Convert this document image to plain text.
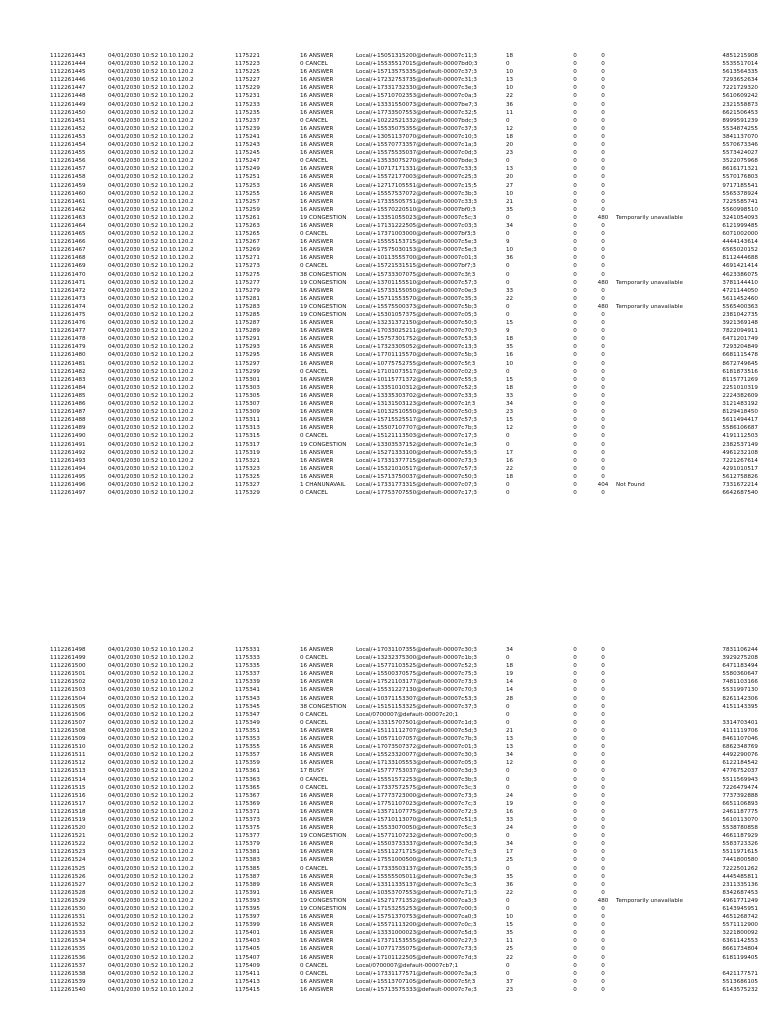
1112261443	04/01/2030 10:52 10.10.120.2	1175221	16 ANSWER	Local/+15051315200@default-00007c11;3	18	0	0		4851215908
1112261444	04/01/2030 10:52 10.10.120.2	1175223	0 CANCEL	Local/+15535517015@default-00007bd0;3	0	0	0		5535517014
1112261445	04/01/2030 10:52 10.10.120.2	1175225	16 ANSWER	Local/+15713575335@default-00007c37;3	10	0	0		5613564335
1112261446	04/01/2030 10:52 10.10.120.2	1175227	16 ANSWER	Local/+17232753735@default-00007c31;3	13	0	0		7293652634
1112261447	04/01/2030 10:52 10.10.120.2	1175229	16 ANSWER	Local/+17331732330@default-00007c3e;3	10	0	0		7221729320
1112261448	04/01/2030 10:52 10.10.120.2	1175231	16 ANSWER	Local/+15710702353@default-00007c0a;3	22	0	0		5610609242
1112261449	04/01/2030 10:52 10.10.120.2	1175233	16 ANSWER	Local/+13331550073@default-00007be7;3	36	0	0		2321558873
1112261450	04/01/2030 10:52 10.10.120.2	1175235	16 ANSWER	Local/+17733507553@default-00007c32;5	11	0	0		6621506453
1112261451	04/01/2030 10:52 10.10.120.2	1175237	0 CANCEL	Local/+10222521332@default-00007bdc;3	0	0	0		8999591239
1112261452	04/01/2030 10:52 10.10.120.2	1175239	16 ANSWER	Local/+15535075355@default-00007c37;3	12	0	0		5534874255
1112261453	04/01/2030 10:52 10.10.120.2	1175241	16 ANSWER	Local/+13051137070@default-00007c10;3	18	0	0		3841137070
1112261454	04/01/2030 10:52 10.10.120.2	1175243	16 ANSWER	Local/+15570773357@default-00007c1a;3	20	0	0		5570673346
1112261455	04/01/2030 10:52 10.10.120.2	1175245	16 ANSWER	Local/+15575535037@default-00007c0d;3	23	0	0		5573424027
1112261456	04/01/2030 10:52 10.10.120.2	1175247	0 CANCEL	Local/+13533075270@default-00007bde;3	0	0	0		3522075968
1112261457	04/01/2030 10:52 10.10.120.2	1175249	16 ANSWER	Local/+10717171331@default-00007c33;3	13	0	0		8616171321
1112261458	04/01/2030 10:52 10.10.120.2	1175251	16 ANSWER	Local/+15572177003@default-00007c25;3	20	0	0		5570176803
1112261459	04/01/2030 10:52 10.10.120.2	1175253	16 ANSWER	Local/+12717105551@default-00007c15;5	27	0	0		9717185541
1112261460	04/01/2030 10:52 10.10.120.2	1175255	16 ANSWER	Local/+15557537072@default-00007c3b;3	10	0	0		5565378924
1112261461	04/01/2030 10:52 10.10.120.2	1175257	16 ANSWER	Local/+17335505751@default-00007c33;3	21	0	0		7225585741
1112261462	04/01/2030 10:52 10.10.120.2	1175259	16 ANSWER	Local/+15570220510@default-00007bf0;3	35	0	0		5560998510
1112261463	04/01/2030 10:52 10.10.120.2	1175261	19 CONGESTION	Local/+13351055023@default-00007c5c;3	0	0	480	Temporarily unavailable	3241054093
1112261464	04/01/2030 10:52 10.10.120.2	1175263	16 ANSWER	Local/+17131222505@default-00007c03;3	34	0	0		6121999485
1112261465	04/01/2030 10:52 10.10.120.2	1175265	0 CANCEL	Local/+17371003000@default-00007bf3;3	0	0	0		6071002000
1112261466	04/01/2030 10:52 10.10.120.2	1175267	16 ANSWER	Local/+15555153715@default-00007c5e;3	9	0	0		4444143614
1112261467	04/01/2030 10:52 10.10.120.2	1175269	16 ANSWER	Local/+17575030153@default-00007c5e;3	10	0	0		6565020152
1112261468	04/01/2030 10:52 10.10.120.2	1175271	16 ANSWER	Local/+10113555700@default-00007c01;3	36	0	0		8112444688
1112261469	04/01/2030 10:52 10.10.120.2	1175273	0 CANCEL	Local/+15721531515@default-00007bf7;3	0	0	0		4691421414
1112261470	04/01/2030 10:52 10.10.120.2	1175275	38 CONGESTION	Local/+15733307075@default-00007c3f;3	0	0	0		4623386075
1112261471	04/01/2030 10:52 10.10.120.2	1175277	19 CONGESTION	Local/+13701155510@default-00007c57;3	0	0	480	Temporarily unavailable	3781144410
1112261472	04/01/2030 10:52 10.10.120.2	1175279	16 ANSWER	Local/+15733155050@default-00007c0e;3	33	0	0		4721144050
1112261473	04/01/2030 10:52 10.10.120.2	1175281	16 ANSWER	Local/+15711553570@default-00007c35;3	22	0	0		5611452460
1112261474	04/01/2030 10:52 10.10.120.2	1175283	19 CONGESTION	Local/+15575500373@default-00007c5b;3	0	0	480	Temporarily unavailable	5565400363
1112261475	04/01/2030 10:52 10.10.120.2	1175285	19 CONGESTION	Local/+15301057375@default-00007c05;3	0	0	0		2381042735
1112261476	04/01/2030 10:52 10.10.120.2	1175287	16 ANSWER	Local/+13231372150@default-00007c50;3	15	0	0		3921369148
1112261477	04/01/2030 10:52 10.10.120.2	1175289	16 ANSWER	Local/+17033025211@default-00007c70;3	9	0	0		7822094911
1112261478	04/01/2030 10:52 10.10.120.2	1175291	16 ANSWER	Local/+15757301752@default-00007c53;3	18	0	0		6471201749
1112261479	04/01/2030 10:52 10.10.120.2	1175293	16 ANSWER	Local/+17323305052@default-00007c13;3	35	0	0		7293204849
1112261480	04/01/2030 10:52 10.10.120.2	1175295	16 ANSWER	Local/+17701115570@default-00007c5b;3	16	0	0		6681115478
1112261481	04/01/2030 10:52 10.10.120.2	1175297	16 ANSWER	Local/+10775752755@default-00007c5f;3	10	0	0		8672749645
1112261482	04/01/2030 10:52 10.10.120.2	1175299	0 CANCEL	Local/+17101073517@default-00007c02;3	0	0	0		6181873516
1112261483	04/01/2030 10:52 10.10.120.2	1175301	16 ANSWER	Local/+10115771372@default-00007c55;3	15	0	0		8115771269
1112261484	04/01/2030 10:52 10.10.120.2	1175303	16 ANSWER	Local/+13351010312@default-00007c52;3	18	0	0		2251010319
1112261485	04/01/2030 10:52 10.10.120.2	1175305	16 ANSWER	Local/+13335303702@default-00007c33;3	33	0	0		2224382609
1112261486	04/01/2030 10:52 10.10.120.2	1175307	16 ANSWER	Local/+13131503123@default-00007c1f;3	34	0	0		3121483192
1112261487	04/01/2030 10:52 10.10.120.2	1175309	16 ANSWER	Local/+10132510550@default-00007c50;3	23	0	0		8129418450
1112261488	04/01/2030 10:52 10.10.120.2	1175311	16 ANSWER	Local/+15715525517@default-00007c57;3	15	0	0		5611494417
1112261489	04/01/2030 10:52 10.10.120.2	1175313	16 ANSWER	Local/+15507107707@default-00007c7b;3	12	0	0		5586106687
1112261490	04/01/2030 10:52 10.10.120.2	1175315	0 CANCEL	Local/+15121113503@default-00007c17;3	0	0	0		4191112503
1112261491	04/01/2030 10:52 10.10.120.2	1175317	19 CONGESTION	Local/+13303537152@default-00007c1e;3	0	0	0		2382537149
1112261492	04/01/2030 10:52 10.10.120.2	1175319	16 ANSWER	Local/+15271333100@default-00007c55;3	17	0	0		4961232108
1112261493	04/01/2030 10:52 10.10.120.2	1175321	16 ANSWER	Local/+17331377715@default-00007c73;3	16	0	0		7221267614
1112261494	04/01/2030 10:52 10.10.120.2	1175323	16 ANSWER	Local/+15321010517@default-00007c57;3	22	0	0		4291010517
1112261495	04/01/2030 10:52 10.10.120.2	1175325	16 ANSWER	Local/+15713750037@default-00007c50;3	18	0	0		5612758826
1112261496	04/01/2030 10:52 10.10.120.2	1175327	1 CHANUNAVAIL	Local/+17331773315@default-00007c07;3	0	0	404	Not Found	7331672214
1112261497	04/01/2030 10:52 10.10.120.2	1175329	0 CANCEL	Local/+17753707550@default-00007c17;3	0	0	0		6642687540
1112261498	04/01/2030 10:52 10.10.120.2	1175331	16 ANSWER	Local/+17031107355@default-00007c30;3	34	0	0		7831106244
1112261499	04/01/2030 10:52 10.10.120.2	1175333	0 CANCEL	Local/+13232375300@default-00007c1b;3	0	0	0		3929275208
1112261500	04/01/2030 10:52 10.10.120.2	1175335	16 ANSWER	Local/+15771103525@default-00007c52;3	18	0	0		6471183494
1112261501	04/01/2030 10:52 10.10.120.2	1175337	16 ANSWER	Local/+15500370575@default-00007c75;3	19	0	0		5580360647
1112261502	04/01/2030 10:52 10.10.120.2	1175339	16 ANSWER	Local/+17521103177@default-00007c73;3	14	0	0		7481103166
1112261503	04/01/2030 10:52 10.10.120.2	1175341	16 ANSWER	Local/+15531227130@default-00007c70;3	14	0	0		5531997130
1112261504	04/01/2030 10:52 10.10.120.2	1175343	16 ANSWER	Local/+10371153307@default-00007c53;3	28	0	0		8261142306
1112261505	04/01/2030 10:52 10.10.120.2	1175345	38 CONGESTION	Local/+15151153325@default-00007c37;3	0	0	0		4151143395
1112261506	04/01/2030 10:52 10.10.120.2	1175347	0 CANCEL	Local/0700007@default-00007c20;1	0	0	0		
1112261507	04/01/2030 10:52 10.10.120.2	1175349	0 CANCEL	Local/+13315707501@default-00007c1d;3	0	0	0		3314703401
1112261508	04/01/2030 10:52 10.10.120.2	1175351	16 ANSWER	Local/+15111112707@default-00007c5d;3	21	0	0		4111119706
1112261509	04/01/2030 10:52 10.10.120.2	1175353	16 ANSWER	Local/+10571107057@default-00007c7b;3	13	0	0		8461107046
1112261510	04/01/2030 10:52 10.10.120.2	1175355	16 ANSWER	Local/+17073507372@default-00007c01;3	13	0	0		6862348769
1112261511	04/01/2030 10:52 10.10.120.2	1175357	16 ANSWER	Local/+15523320077@default-00007c30;3	34	0	0		4492290076
1112261512	04/01/2030 10:52 10.10.120.2	1175359	16 ANSWER	Local/+17133105553@default-00007c05;3	12	0	0		6122184542
1112261513	04/01/2030 10:52 10.10.120.2	1175361	17 BUSY	Local/+15777753037@default-00007c3d;3	0	0	0		4776752037
1112261514	04/01/2030 10:52 10.10.120.2	1175363	0 CANCEL	Local/+15551572253@default-00007c3b;3	0	0	0		5511569943
1112261515	04/01/2030 10:52 10.10.120.2	1175365	0 CANCEL	Local/+17337572575@default-00007c3c;3	0	0	0		7226479474
1112261516	04/01/2030 10:52 10.10.120.2	1175367	16 ANSWER	Local/+17773723000@default-00007c73;3	24	0	0		7737392888
1112261517	04/01/2030 10:52 10.10.120.2	1175369	16 ANSWER	Local/+17751107023@default-00007c7c;3	19	0	0		6651106893
1112261518	04/01/2030 10:52 10.10.120.2	1175371	16 ANSWER	Local/+13571107775@default-00007c72;3	16	0	0		2461187775
1112261519	04/01/2030 10:52 10.10.120.2	1175373	16 ANSWER	Local/+15710113070@default-00007c51;3	33	0	0		5610113070
1112261520	04/01/2030 10:52 10.10.120.2	1175375	16 ANSWER	Local/+15533070050@default-00007c5c;3	24	0	0		5538780858
1112261521	04/01/2030 10:52 10.10.120.2	1175377	19 CONGESTION	Local/+15771107232@default-00007c00;3	0	0	0		4661187929
1112261522	04/01/2030 10:52 10.10.120.2	1175379	16 ANSWER	Local/+15503733337@default-00007c3d;3	34	0	0		5583723326
1112261523	04/01/2030 10:52 10.10.120.2	1175381	16 ANSWER	Local/+15511271715@default-00007c7c;3	17	0	0		5511971615
1112261524	04/01/2030 10:52 10.10.120.2	1175383	16 ANSWER	Local/+17551000500@default-00007c71;3	25	0	0		7441800580
1112261525	04/01/2030 10:52 10.10.120.2	1175385	0 CANCEL	Local/+17333503137@default-00007c35;3	0	0	0		7222501262
1112261526	04/01/2030 10:52 10.10.120.2	1175387	16 ANSWER	Local/+15555505011@default-00007c3e;3	35	0	0		4445485811
1112261527	04/01/2030 10:52 10.10.120.2	1175389	16 ANSWER	Local/+13311335137@default-00007c3c;3	36	0	0		2311335136
1112261528	04/01/2030 10:52 10.10.120.2	1175391	16 ANSWER	Local/+10353707553@default-00007c71;3	22	0	0		8342687453
1112261529	04/01/2030 10:52 10.10.120.2	1175393	19 CONGESTION	Local/+15271771352@default-00007ca3;3	0	0	480	Temporarily unavailable	4961771249
1112261530	04/01/2030 10:52 10.10.120.2	1175395	19 CONGESTION	Local/+17153255253@default-00007c00;3	0	0	0		6143945951
1112261531	04/01/2030 10:52 10.10.120.2	1175397	16 ANSWER	Local/+15751370753@default-00007ca0;3	10	0	0		4651268742
1112261532	04/01/2030 10:52 10.10.120.2	1175399	16 ANSWER	Local/+15571113200@default-00007c0c;3	15	0	0		5571112900
1112261533	04/01/2030 10:52 10.10.120.2	1175401	16 ANSWER	Local/+13331000023@default-00007c5d;3	35	0	0		3221800092
1112261534	04/01/2030 10:52 10.10.120.2	1175403	16 ANSWER	Local/+17371153555@default-00007c27;3	11	0	0		6361142553
1112261535	04/01/2030 10:52 10.10.120.2	1175405	16 ANSWER	Local/+10771735075@default-00007c73;3	25	0	0		8661734804
1112261536	04/01/2030 10:52 10.10.120.2	1175407	16 ANSWER	Local/+17101122505@default-00007c7d;3	22	0	0		6181199405
1112261537	04/01/2030 10:52 10.10.120.2	1175409	0 CANCEL	Local/0700007@default-00007cb7;1	0	0	0		
1112261538	04/01/2030 10:52 10.10.120.2	1175411	0 CANCEL	Local/+17331177571@default-00007c3a;3	0	0	0		6421177571
1112261539	04/01/2030 10:52 10.10.120.2	1175413	16 ANSWER	Local/+15513707105@default-00007c5f;3	37	0	0		5513686105
1112261540	04/01/2030 10:52 10.10.120.2	1175415	16 ANSWER	Local/+15713575333@default-00007c7e;3	23	0	0		6143575232
